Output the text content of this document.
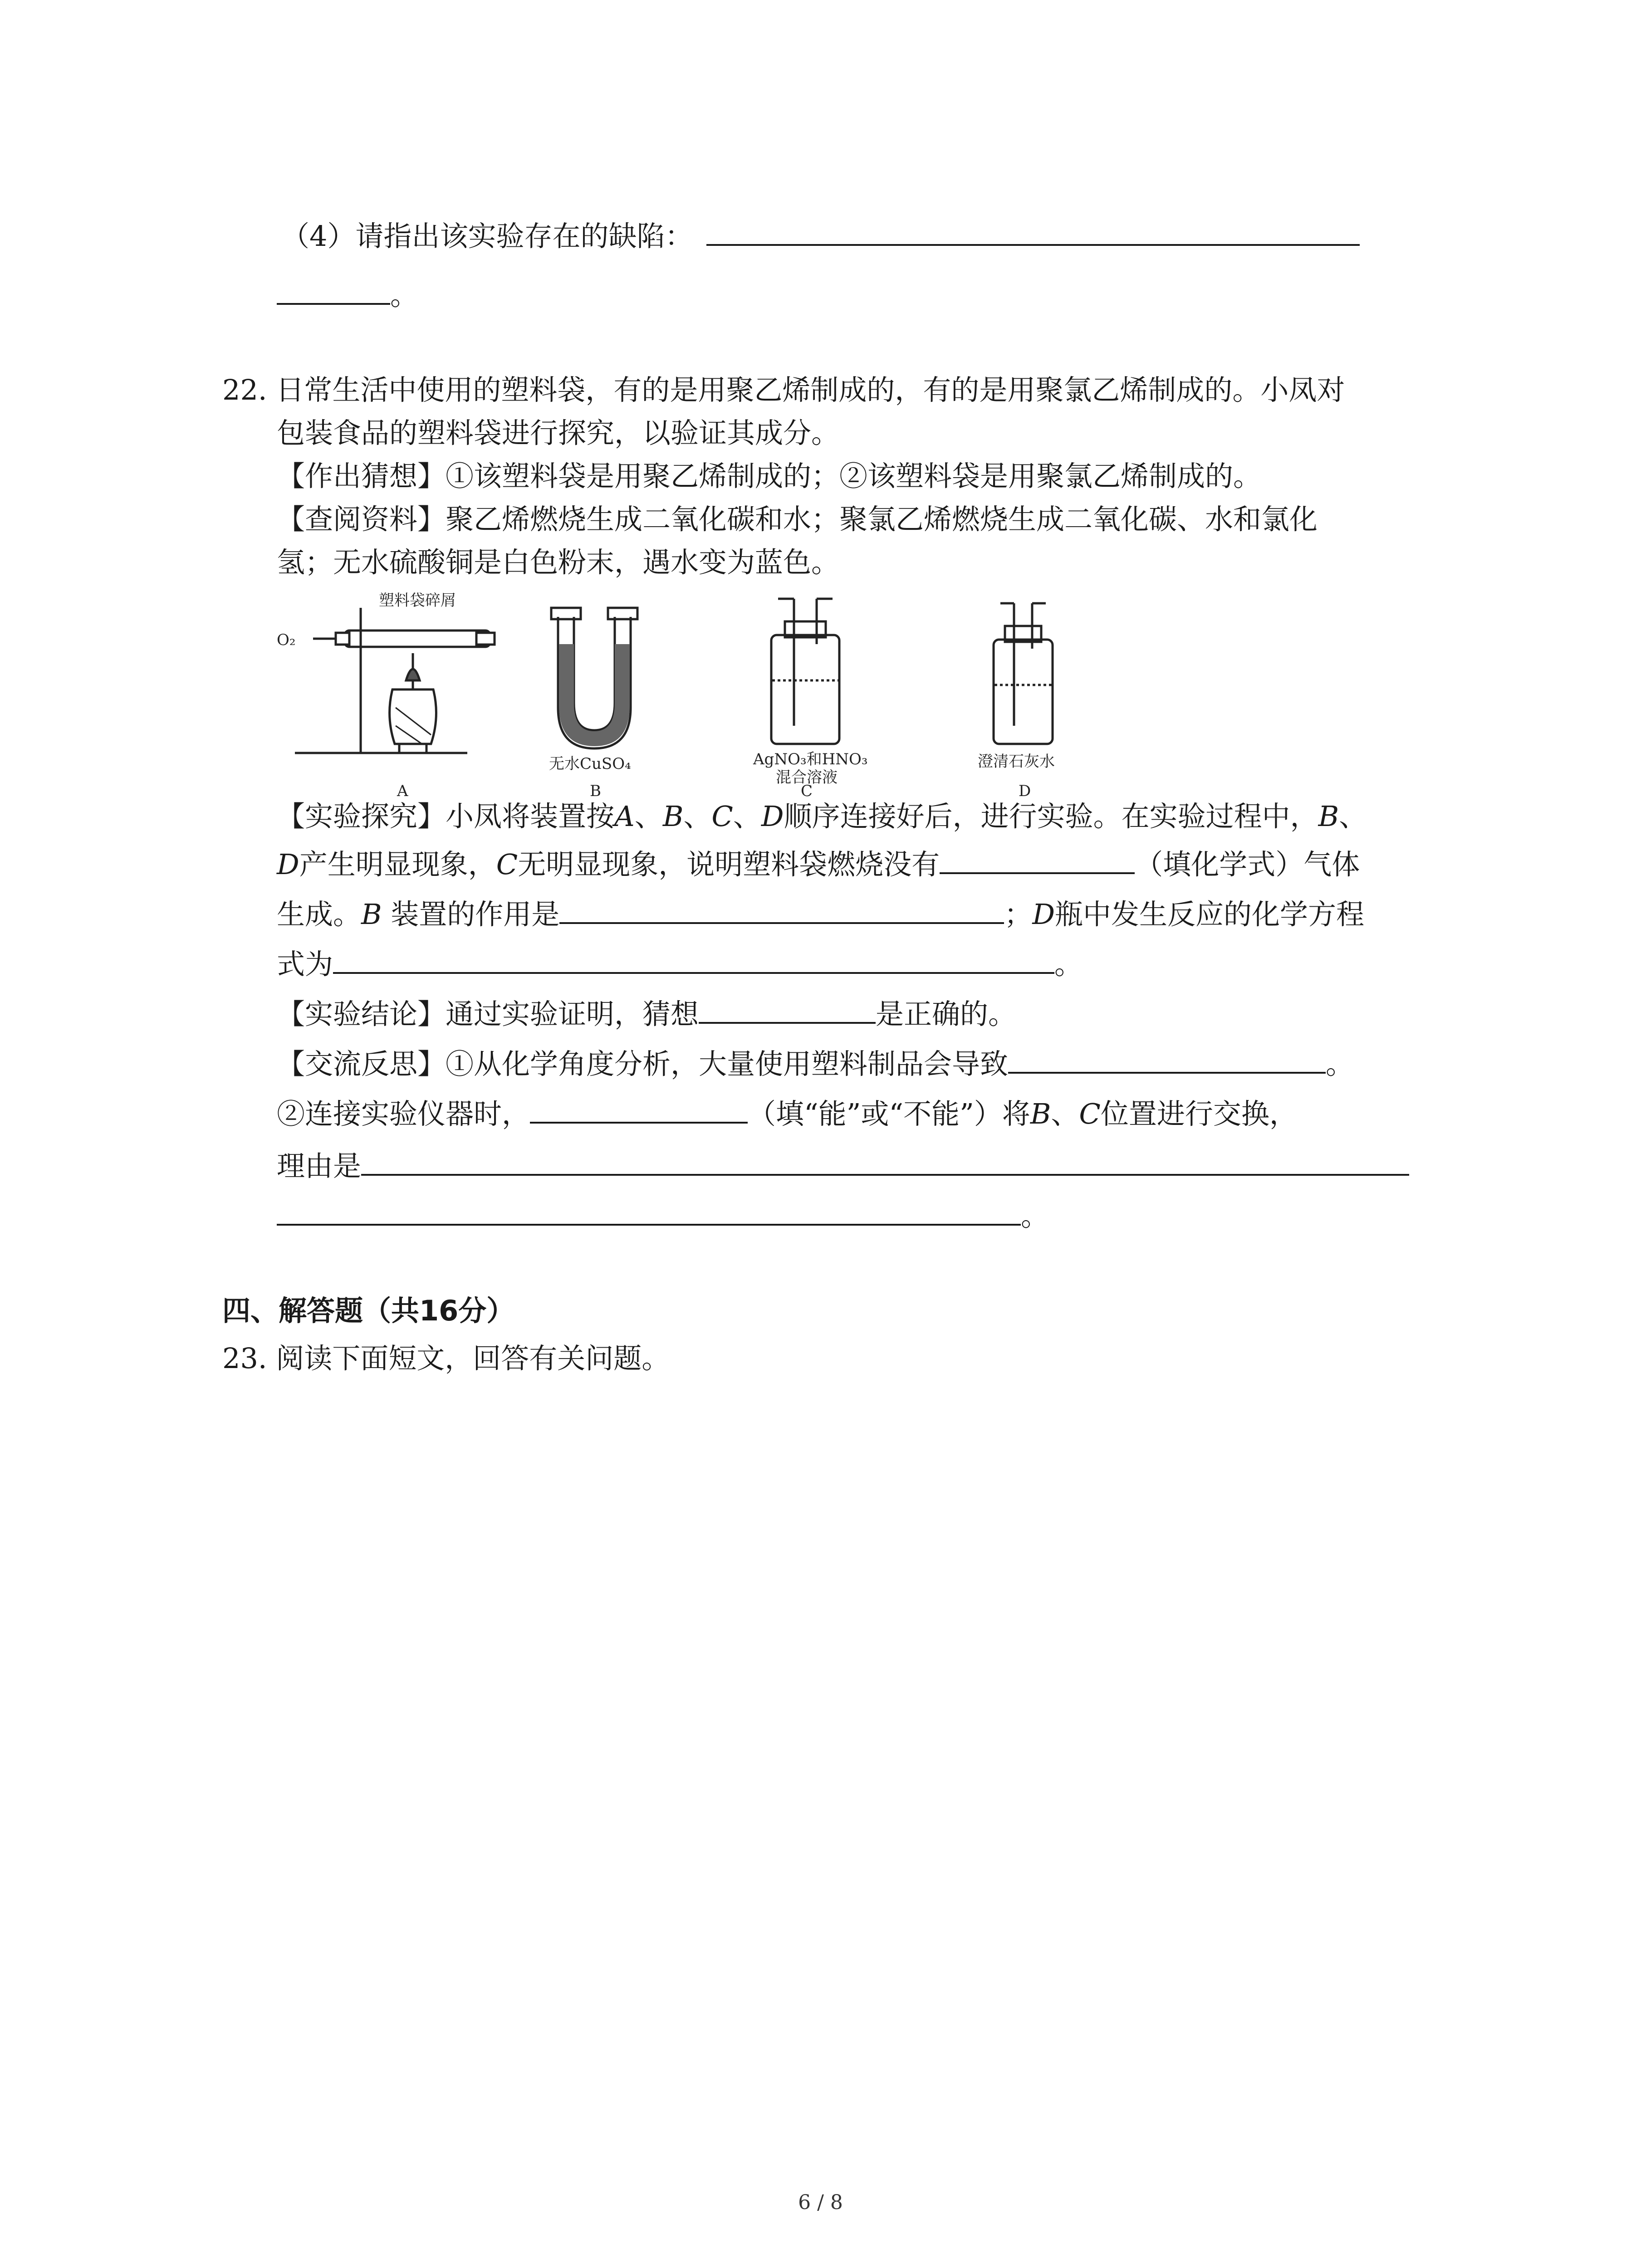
（4）请指出该实验存在的缺陷：
。
22. 日常生活中使用的塑料袋，有的是用聚乙烯制成的，有的是用聚氯乙烯制成的。小凤对
包装食品的塑料袋进行探究，以验证其成分。
【作出猜想】①该塑料袋是用聚乙烯制成的；②该塑料袋是用聚氯乙烯制成的。
【查阅资料】聚乙烯燃烧生成二氧化碳和水；聚氯乙烯燃烧生成二氧化碳、水和氯化
氢；无水硫酸铜是白色粉末，遇水变为蓝色。
O₂
塑料袋碎屑
无水CuSO₄	AgNO₃和HNO₃
混合溶液
澄清石灰水
A	B	C	D
【实验探究】小凤将装置按A、B、C、D顺序连接好后，进行实验。在实验过程中，B、
D产生明显现象，C无明显现象，说明塑料袋燃烧没有	（填化学式）气体
生成。B 装置的作用是	；D瓶中发生反应的化学方程
式为	。
【实验结论】通过实验证明，猜想	是正确的。
【交流反思】①从化学角度分析，大量使用塑料制品会导致	。
②连接实验仪器时，	（填“能”或“不能”）将B、C位置进行交换，
理由是
。
四、解答题（共16分）
23. 阅读下面短文，回答有关问题。
6 / 8
